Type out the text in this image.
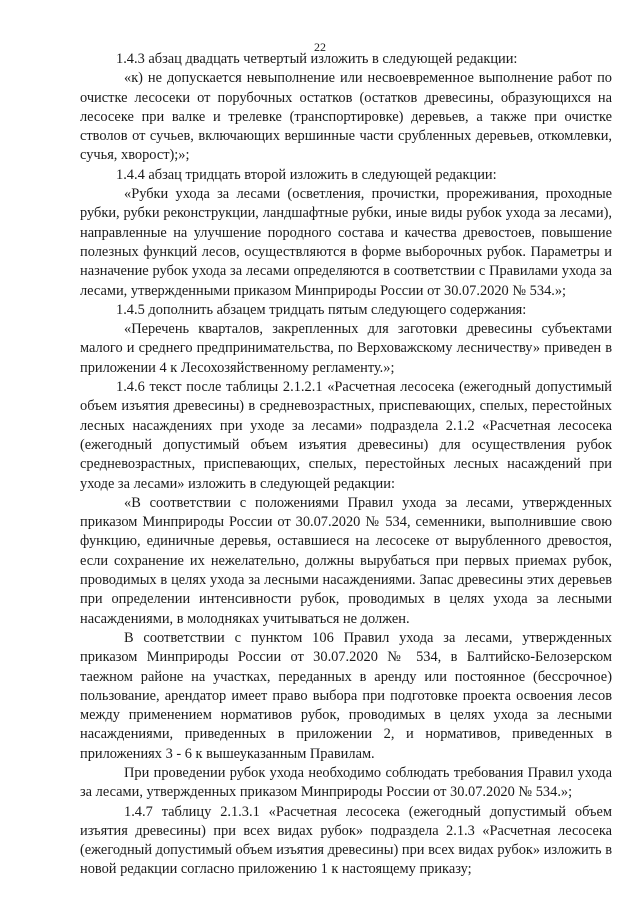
22

1.4.3 абзац двадцать четвертый изложить в следующей редакции:

«к) не допускается невыполнение или несвоевременное выполнение работ по очистке лесосеки от порубочных остатков (остатков древесины, образующихся на лесосеке при валке и трелевке (транспортировке) деревьев, а также при очистке стволов от сучьев, включающих вершинные части срубленных деревьев, откомлевки, сучья, хворост);»;

1.4.4 абзац тридцать второй изложить в следующей редакции:

«Рубки ухода за лесами (осветления, прочистки, прореживания, проходные рубки, рубки реконструкции, ландшафтные рубки, иные виды рубок ухода за лесами), направленные на улучшение породного состава и качества древостоев, повышение полезных функций лесов, осуществляются в форме выборочных рубок. Параметры и назначение рубок ухода за лесами определяются в соответствии с Правилами ухода за лесами, утвержденными приказом Минприроды России от 30.07.2020 № 534.»;

1.4.5 дополнить абзацем тридцать пятым следующего содержания:

«Перечень кварталов, закрепленных для заготовки древесины субъектами малого и среднего предпринимательства, по Верховажскому лесничеству» приведен в приложении 4 к Лесохозяйственному регламенту.»;

1.4.6 текст после таблицы 2.1.2.1 «Расчетная лесосека (ежегодный допустимый объем изъятия древесины) в средневозрастных, приспевающих, спелых, перестойных лесных насаждениях при уходе за лесами» подраздела 2.1.2 «Расчетная лесосека (ежегодный допустимый объем изъятия древесины) для осуществления рубок средневозрастных, приспевающих, спелых, перестойных лесных насаждений при уходе за лесами» изложить в следующей редакции:

«В соответствии с положениями Правил ухода за лесами, утвержденных приказом Минприроды России от 30.07.2020 № 534, семенники, выполнившие свою функцию, единичные деревья, оставшиеся на лесосеке от вырубленного древостоя, если сохранение их нежелательно, должны вырубаться при первых приемах рубок, проводимых в целях ухода за лесными насаждениями. Запас древесины этих деревьев при определении интенсивности рубок, проводимых в целях ухода за лесными насаждениями, в молодняках учитываться не должен.

В соответствии с пунктом 106 Правил ухода за лесами, утвержденных приказом Минприроды России от 30.07.2020 № 534, в Балтийско-Белозерском таежном районе на участках, переданных в аренду или постоянное (бессрочное) пользование, арендатор имеет право выбора при подготовке проекта освоения лесов между применением нормативов рубок, проводимых в целях ухода за лесными насаждениями, приведенных в приложении 2, и нормативов, приведенных в приложениях 3 - 6 к вышеуказанным Правилам.

При проведении рубок ухода необходимо соблюдать требования Правил ухода за лесами, утвержденных приказом Минприроды России от 30.07.2020 № 534.»;

1.4.7 таблицу 2.1.3.1 «Расчетная лесосека (ежегодный допустимый объем изъятия древесины) при всех видах рубок» подраздела 2.1.3 «Расчетная лесосека (ежегодный допустимый объем изъятия древесины) при всех видах рубок» изложить в новой редакции согласно приложению 1 к настоящему приказу;
